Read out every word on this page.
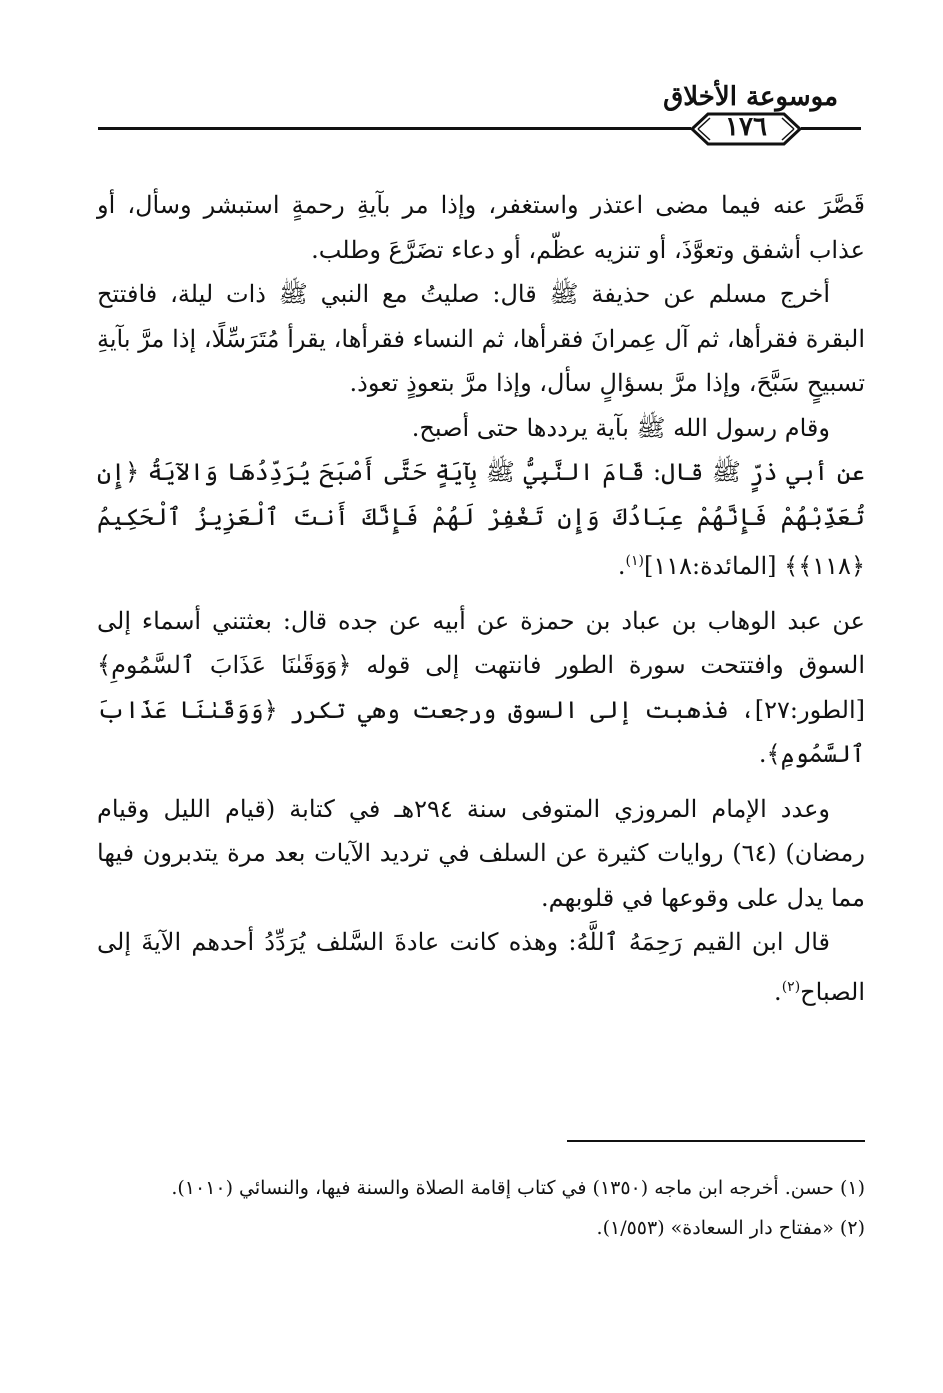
موسوعة الأخلاق
١٧٦

قَصَّرَ عنه فيما مضى اعتذر واستغفر، وإذا مر بآيةِ رحمةٍ استبشر وسأل، أو عذاب أشفق وتعوَّذَ، أو تنزيه عظّم، أو دعاء تضَرَّعَ وطلب.

أخرج مسلم عن حذيفة ﷺ قال: صليتُ مع النبي ﷺ ذات ليلة، فافتتح البقرة فقرأها، ثم آل عِمرانَ فقرأها، ثم النساء فقرأها، يقرأ مُتَرَسِّلًا، إذا مرَّ بآيةِ تسبيحٍ سَبَّحَ، وإذا مرَّ بسؤالٍ سأل، وإذا مرَّ بتعوذٍ تعوذ.

وقام رسول الله ﷺ بآية يرددها حتى أصبح.

عن أبي ذرٍّ ﷺ قال: قَامَ النَّبِيُّ ﷺ بِآيَةٍ حَتَّى أَصْبَحَ يُرَدِّدُهَا وَالآيَةُ ﴿إِن تُعَذِّبْهُمْ فَإِنَّهُمْ عِبَادُكَ وَإِن تَغْفِرْ لَهُمْ فَإِنَّكَ أَنتَ ٱلْعَزِيزُ ٱلْحَكِيمُ ﴿١١٨﴾﴾ [المائدة:١١٨]$^{(١)}$.

عن عبد الوهاب بن عباد بن حمزة عن أبيه عن جده قال: بعثتني أسماء إلى السوق وافتتحت سورة الطور فانتهت إلى قوله ﴿وَوَقَىٰنَا عَذَابَ ٱلسَّمُومِ﴾ [الطور:٢٧]، فذهبت إلى السوق ورجعت وهي تكرر ﴿وَوَقَىٰنَا عَذَابَ ٱلسَّمُومِ﴾.

وعدد الإمام المروزي المتوفى سنة ٢٩٤هـ في كتابة (قيام الليل وقيام رمضان) (٦٤) روايات كثيرة عن السلف في ترديد الآيات بعد مرة يتدبرون فيها مما يدل على وقوعها في قلوبهم.

قال ابن القيم رَحِمَهُ ٱللَّهُ: وهذه كانت عادةَ السَّلف يُرَدِّدُ أحدهم الآيةَ إلى الصباح$^{(٢)}$.

(١) حسن. أخرجه ابن ماجه (١٣٥٠) في كتاب إقامة الصلاة والسنة فيها، والنسائي (١٠١٠).

(٢) «مفتاح دار السعادة» (١/٥٥٣).
